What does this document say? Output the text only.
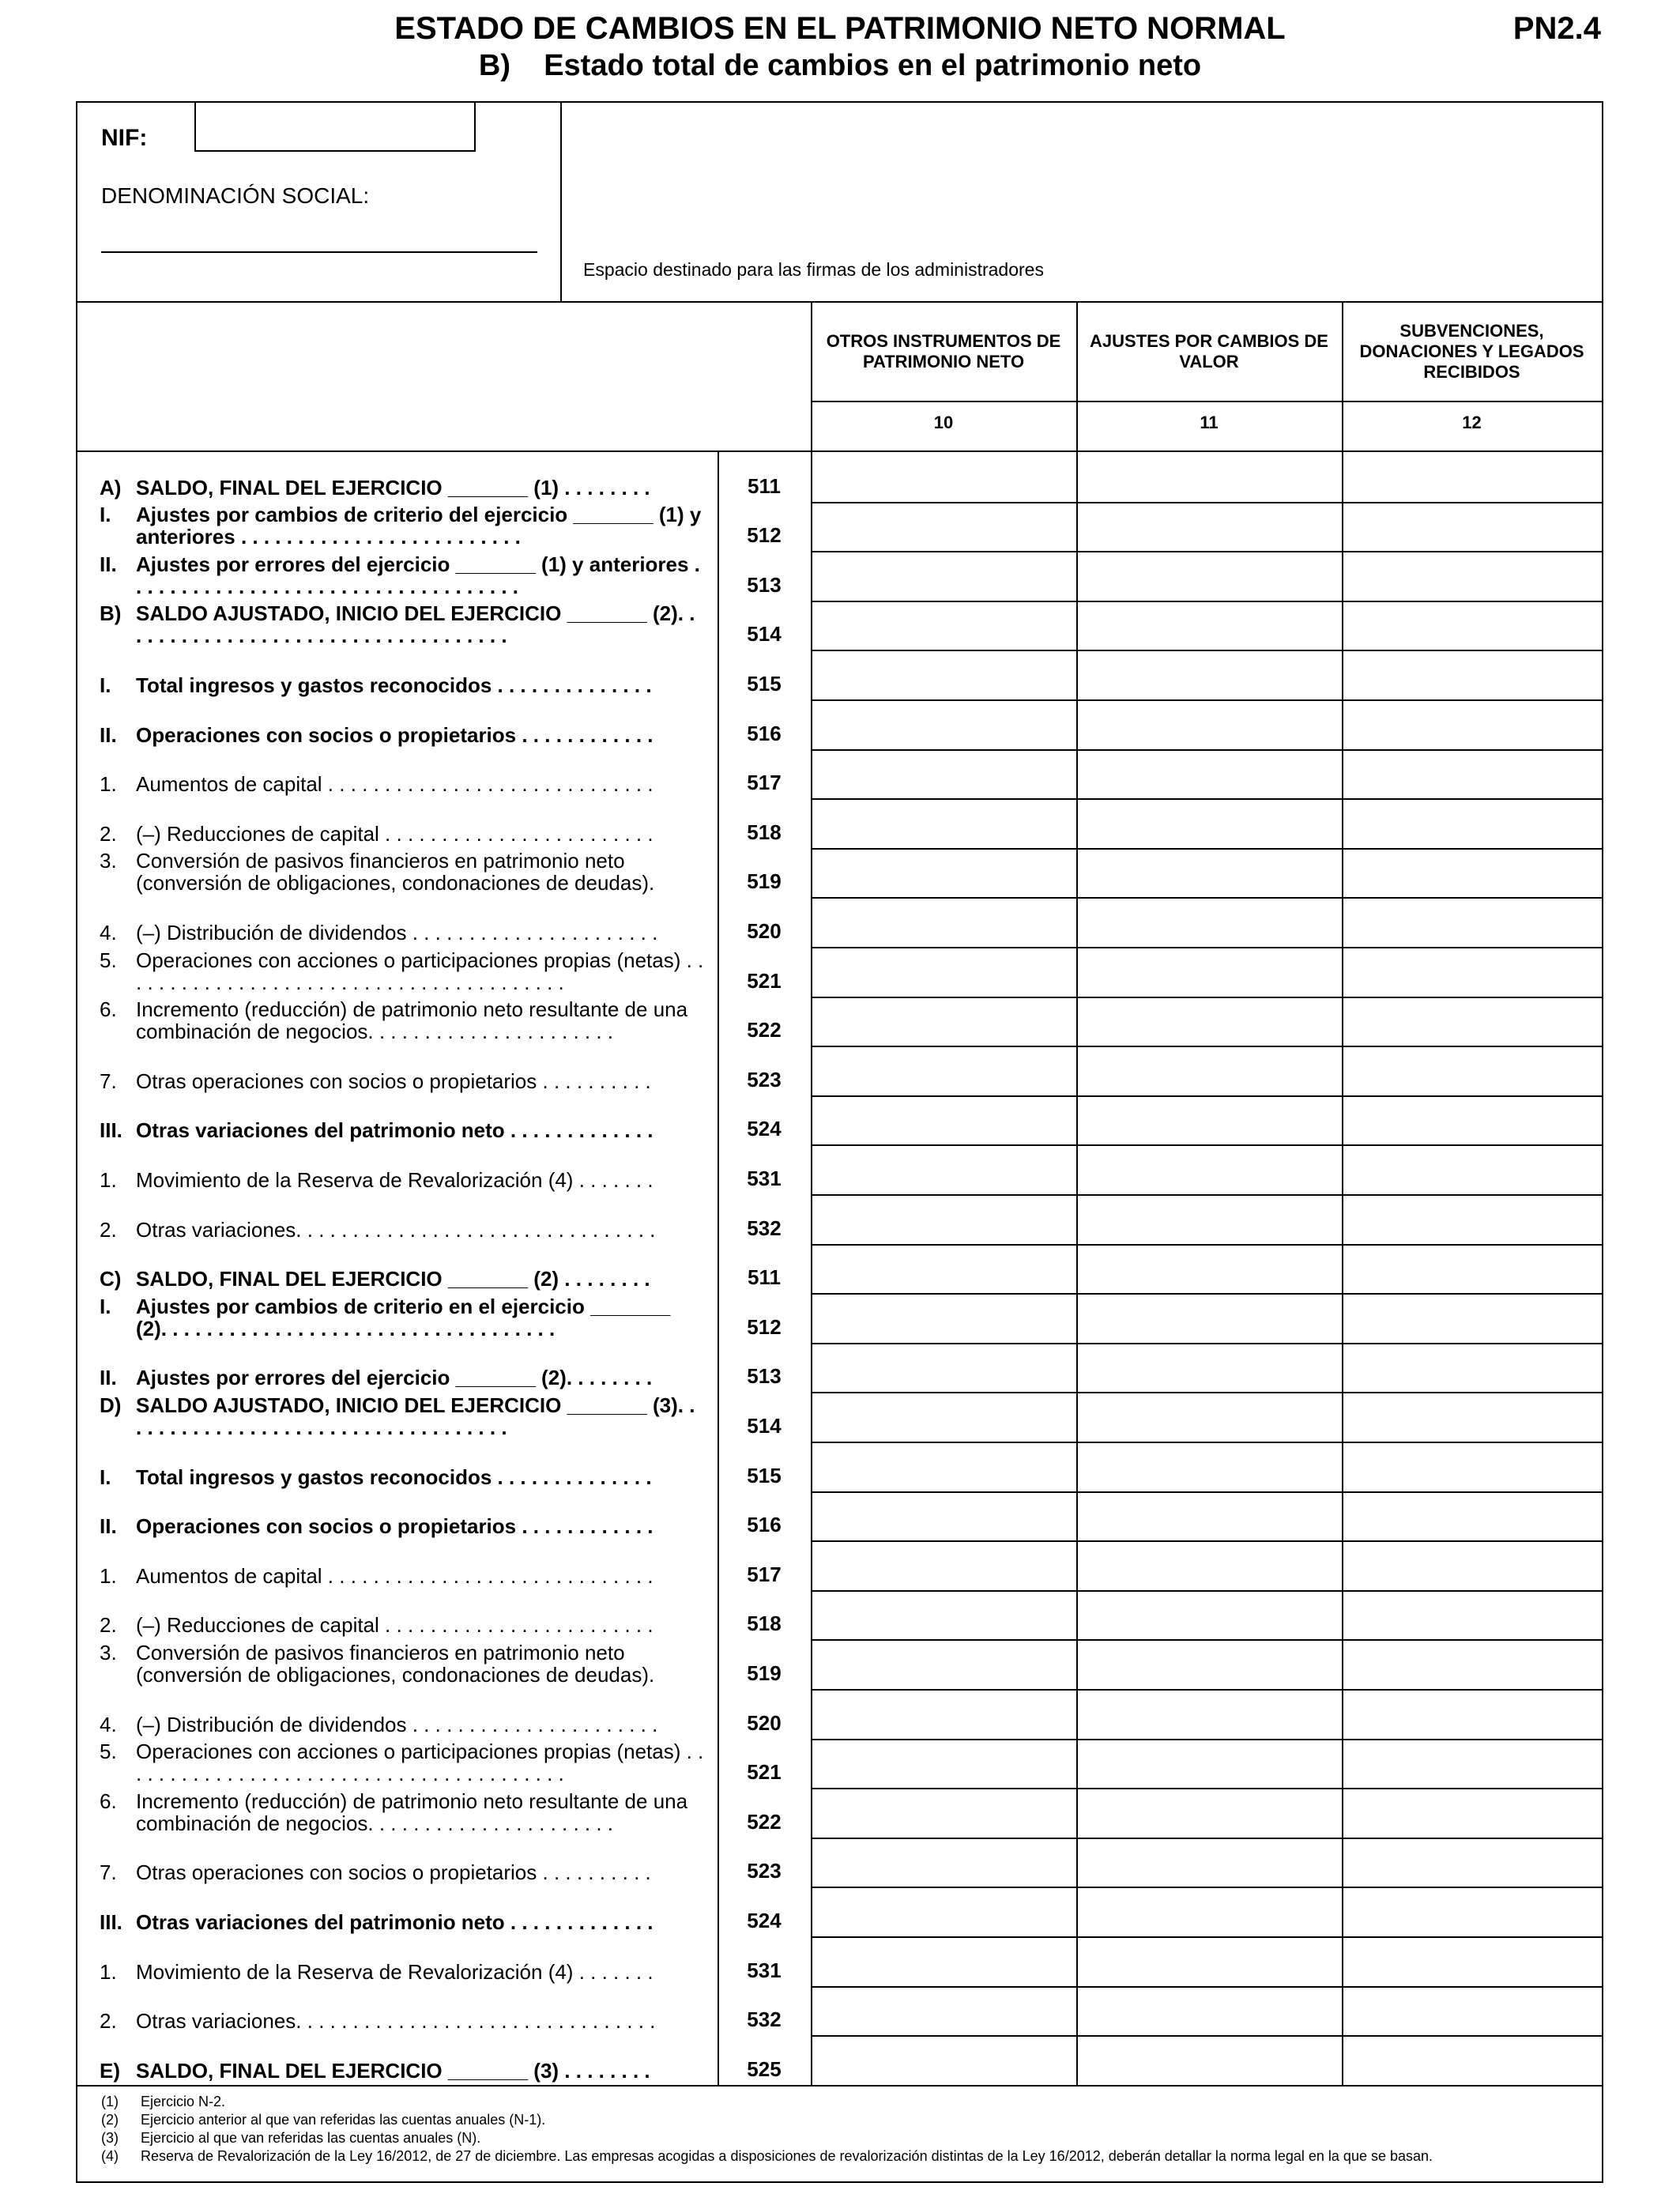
ESTADO DE CAMBIOS EN EL PATRIMONIO NETO NORMAL	PN2.4
B)    Estado total de cambios en el patrimonio neto
NIF:
DENOMINACIÓN SOCIAL:
Espacio destinado para las firmas de los administradores
OTROS INSTRUMENTOS DE PATRIMONIO NETO
10
AJUSTES POR CAMBIOS DE VALOR
11
SUBVENCIONES, DONACIONES Y LEGADOS RECIBIDOS
12
A) SALDO, FINAL DEL EJERCICIO _______ (1) . . . . . . . .	511
I. Ajustes por cambios de criterio del ejercicio _______ (1) y anteriores . . . . . . . . . . . . . . . . . . . . . . . . .	512
II. Ajustes por errores del ejercicio _______ (1) y anteriores . . . . . . . . . . . . . . . . . . . . . . . . . . . . . . . . . . .	513
B) SALDO AJUSTADO, INICIO DEL EJERCICIO _______ (2). . . . . . . . . . . . . . . . . . . . . . . . . . . . . . . . . . .	514
I. Total ingresos y gastos reconocidos . . . . . . . . . . . . . .	515
II. Operaciones con socios o propietarios . . . . . . . . . . . .	516
1. Aumentos de capital . . . . . . . . . . . . . . . . . . . . . . . . . . . . .	517
2. (–) Reducciones de capital . . . . . . . . . . . . . . . . . . . . . . . .	518
3. Conversión de pasivos financieros en patrimonio neto (conversión de obligaciones, condonaciones de deudas).	519
4. (–) Distribución de dividendos . . . . . . . . . . . . . . . . . . . . . .	520
5. Operaciones con acciones o participaciones propias (netas) . . . . . . . . . . . . . . . . . . . . . . . . . . . . . . . . . . . . . . . .	521
6. Incremento (reducción) de patrimonio neto resultante de una combinación de negocios. . . . . . . . . . . . . . . . . . . . . .	522
7. Otras operaciones con socios o propietarios . . . . . . . . . .	523
III. Otras variaciones del patrimonio neto . . . . . . . . . . . . .	524
1. Movimiento de la Reserva de Revalorización (4) . . . . . . .	531
2. Otras variaciones. . . . . . . . . . . . . . . . . . . . . . . . . . . . . . . .	532
C) SALDO, FINAL DEL EJERCICIO _______ (2) . . . . . . . .	511
I. Ajustes por cambios de criterio en el ejercicio _______ (2). . . . . . . . . . . . . . . . . . . . . . . . . . . . . . . . . . .	512
II. Ajustes por errores del ejercicio _______ (2). . . . . . . .	513
D) SALDO AJUSTADO, INICIO DEL EJERCICIO _______ (3). . . . . . . . . . . . . . . . . . . . . . . . . . . . . . . . . . .	514
I. Total ingresos y gastos reconocidos . . . . . . . . . . . . . .	515
II. Operaciones con socios o propietarios . . . . . . . . . . . .	516
1. Aumentos de capital . . . . . . . . . . . . . . . . . . . . . . . . . . . . .	517
2. (–) Reducciones de capital . . . . . . . . . . . . . . . . . . . . . . . .	518
3. Conversión de pasivos financieros en patrimonio neto (conversión de obligaciones, condonaciones de deudas).	519
4. (–) Distribución de dividendos . . . . . . . . . . . . . . . . . . . . . .	520
5. Operaciones con acciones o participaciones propias (netas) . . . . . . . . . . . . . . . . . . . . . . . . . . . . . . . . . . . . . . . .	521
6. Incremento (reducción) de patrimonio neto resultante de una combinación de negocios. . . . . . . . . . . . . . . . . . . . . .	522
7. Otras operaciones con socios o propietarios . . . . . . . . . .	523
III. Otras variaciones del patrimonio neto . . . . . . . . . . . . .	524
1. Movimiento de la Reserva de Revalorización (4) . . . . . . .	531
2. Otras variaciones. . . . . . . . . . . . . . . . . . . . . . . . . . . . . . . .	532
E) SALDO, FINAL DEL EJERCICIO _______ (3) . . . . . . . .	525
(1) Ejercicio N-2.
(2) Ejercicio anterior al que van referidas las cuentas anuales (N-1).
(3) Ejercicio al que van referidas las cuentas anuales (N).
(4) Reserva de Revalorización de la Ley 16/2012, de 27 de diciembre. Las empresas acogidas a disposiciones de revalorización distintas de la Ley 16/2012, deberán detallar la norma legal en la que se basan.
